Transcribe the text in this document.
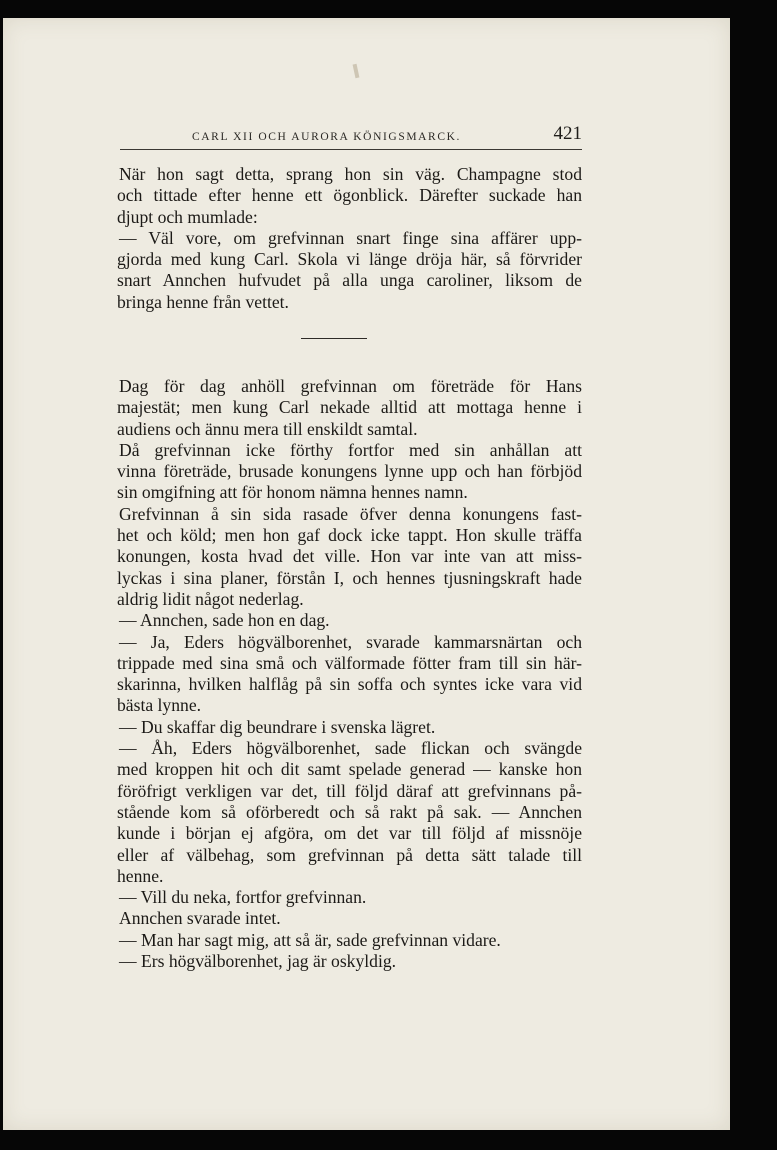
CARL XII OCH AURORA KÖNIGSMARCK.	421

När hon sagt detta, sprang hon sin väg. Champagne stod
och tittade efter henne ett ögonblick. Därefter suckade han
djupt och mumlade:

— Väl vore, om grefvinnan snart finge sina affärer upp-
gjorda med kung Carl. Skola vi länge dröja här, så förvrider
snart Annchen hufvudet på alla unga caroliner, liksom de
bringa henne från vettet.

Dag för dag anhöll grefvinnan om företräde för Hans
majestät; men kung Carl nekade alltid att mottaga henne i
audiens och ännu mera till enskildt samtal.

Då grefvinnan icke förthy fortfor med sin anhållan att
vinna företräde, brusade konungens lynne upp och han förbjöd
sin omgifning att för honom nämna hennes namn.

Grefvinnan å sin sida rasade öfver denna konungens fast-
het och köld; men hon gaf dock icke tappt. Hon skulle träffa
konungen, kosta hvad det ville. Hon var inte van att miss-
lyckas i sina planer, förstån I, och hennes tjusningskraft hade
aldrig lidit något nederlag.

— Annchen, sade hon en dag.

— Ja, Eders högvälborenhet, svarade kammarsnärtan och
trippade med sina små och välformade fötter fram till sin här-
skarinna, hvilken halflåg på sin soffa och syntes icke vara vid
bästa lynne.

— Du skaffar dig beundrare i svenska lägret.

— Åh, Eders högvälborenhet, sade flickan och svängde
med kroppen hit och dit samt spelade generad — kanske hon
föröfrigt verkligen var det, till följd däraf att grefvinnans på-
stående kom så oförberedt och så rakt på sak. — Annchen
kunde i början ej afgöra, om det var till följd af missnöje
eller af välbehag, som grefvinnan på detta sätt talade till
henne.

— Vill du neka, fortfor grefvinnan.

Annchen svarade intet.

— Man har sagt mig, att så är, sade grefvinnan vidare.

— Ers högvälborenhet, jag är oskyldig.
